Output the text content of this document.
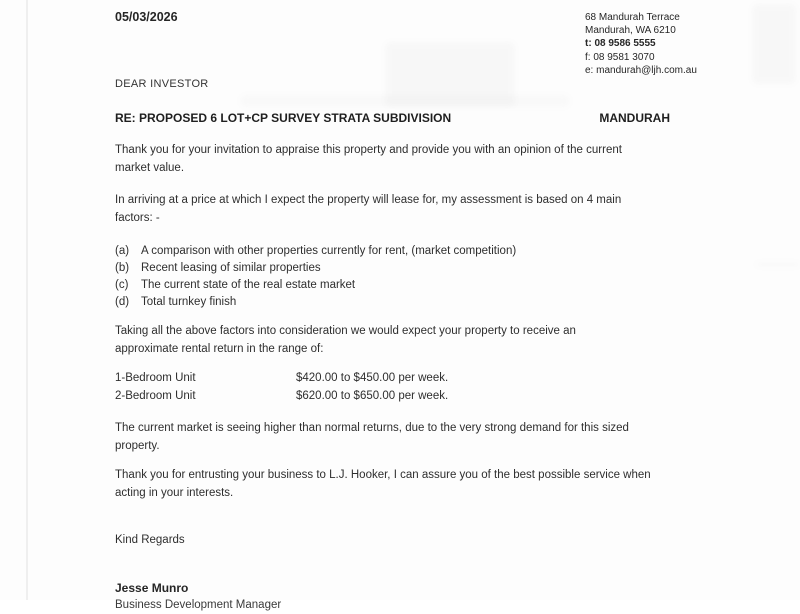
05/03/2026	68 Mandurah Terrace
Mandurah, WA 6210
t: 08 9586 5555
f: 08 9581 3070
e: mandurah@ljh.com.au
DEAR INVESTOR
RE: PROPOSED 6 LOT+CP SURVEY STRATA SUBDIVISION	MANDURAH
Thank you for your invitation to appraise this property and provide you with an opinion of the current
market value.
In arriving at a price at which I expect the property will lease for, my assessment is based on 4 main
factors: -
(a) A comparison with other properties currently for rent, (market competition)
(b) Recent leasing of similar properties
(c) The current state of the real estate market
(d) Total turnkey finish
Taking all the above factors into consideration we would expect your property to receive an
approximate rental return in the range of:
1-Bedroom Unit	$420.00 to $450.00 per week.
2-Bedroom Unit	$620.00 to $650.00 per week.
The current market is seeing higher than normal returns, due to the very strong demand for this sized
property.
Thank you for entrusting your business to L.J. Hooker, I can assure you of the best possible service when
acting in your interests.
Kind Regards
Jesse Munro
Business Development Manager
